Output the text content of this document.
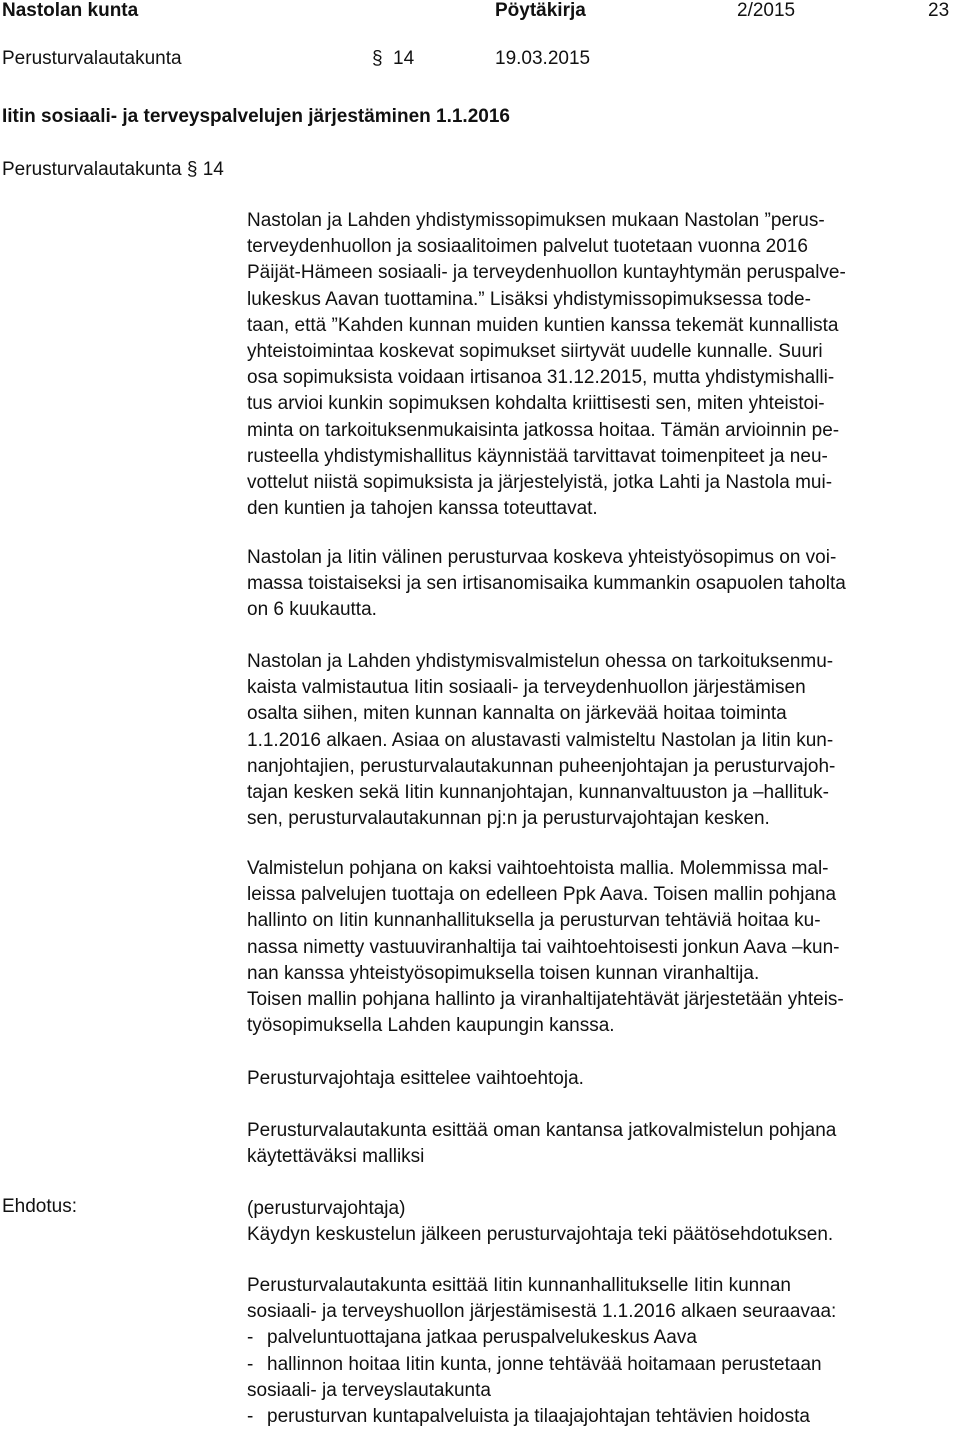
Nastolan kunta	Pöytäkirja	2/2015	23
Perusturvalautakunta	§ 14	19.03.2015
Iitin sosiaali- ja terveyspalvelujen järjestäminen 1.1.2016
Perusturvalautakunta § 14
Nastolan ja Lahden yhdistymissopimuksen mukaan Nastolan ”perus-
terveydenhuollon ja sosiaalitoimen palvelut tuotetaan vuonna 2016
Päijät-Hämeen sosiaali- ja terveydenhuollon kuntayhtymän peruspalve-
lukeskus Aavan tuottamina.” Lisäksi yhdistymissopimuksessa tode-
taan, että ”Kahden kunnan muiden kuntien kanssa tekemät kunnallista
yhteistoimintaa koskevat sopimukset siirtyvät uudelle kunnalle. Suuri
osa sopimuksista voidaan irtisanoa 31.12.2015, mutta yhdistymishalli-
tus arvioi kunkin sopimuksen kohdalta kriittisesti sen, miten yhteistoi-
minta on tarkoituksenmukaisinta jatkossa hoitaa. Tämän arvioinnin pe-
rusteella yhdistymishallitus käynnistää tarvittavat toimenpiteet ja neu-
vottelut niistä sopimuksista ja järjestelyistä, jotka Lahti ja Nastola mui-
den kuntien ja tahojen kanssa toteuttavat.
Nastolan ja Iitin välinen perusturvaa koskeva yhteistyösopimus on voi-
massa toistaiseksi ja sen irtisanomisaika kummankin osapuolen taholta
on 6 kuukautta.
Nastolan ja Lahden yhdistymisvalmistelun ohessa on tarkoituksenmu-
kaista valmistautua Iitin sosiaali- ja terveydenhuollon järjestämisen
osalta siihen, miten kunnan kannalta on järkevää hoitaa toiminta
1.1.2016 alkaen. Asiaa on alustavasti valmisteltu Nastolan ja Iitin kun-
nanjohtajien, perusturvalautakunnan puheenjohtajan ja perusturvajoh-
tajan kesken sekä Iitin kunnanjohtajan, kunnanvaltuuston ja –hallituk-
sen, perusturvalautakunnan pj:n ja perusturvajohtajan kesken.
Valmistelun pohjana on kaksi vaihtoehtoista mallia. Molemmissa mal-
leissa palvelujen tuottaja on edelleen Ppk Aava. Toisen mallin pohjana
hallinto on Iitin kunnanhallituksella ja perusturvan tehtäviä hoitaa ku-
nassa nimetty vastuuviranhaltija tai vaihtoehtoisesti jonkun Aava –kun-
nan kanssa yhteistyösopimuksella toisen kunnan viranhaltija.
Toisen mallin pohjana hallinto ja viranhaltijatehtävät järjestetään yhteis-
työsopimuksella Lahden kaupungin kanssa.
Perusturvajohtaja esittelee vaihtoehtoja.
Perusturvalautakunta esittää oman kantansa jatkovalmistelun pohjana
käytettäväksi malliksi
Ehdotus:	(perusturvajohtaja)
Käydyn keskustelun jälkeen perusturvajohtaja teki päätösehdotuksen.
Perusturvalautakunta esittää Iitin kunnanhallitukselle Iitin kunnan
sosiaali- ja terveyshuollon järjestämisestä 1.1.2016 alkaen seuraavaa:
- palveluntuottajana jatkaa peruspalvelukeskus Aava
- hallinnon hoitaa Iitin kunta, jonne tehtävää hoitamaan perustetaan
sosiaali- ja terveyslautakunta
- perusturvan kuntapalveluista ja tilaajajohtajan tehtävien hoidosta
